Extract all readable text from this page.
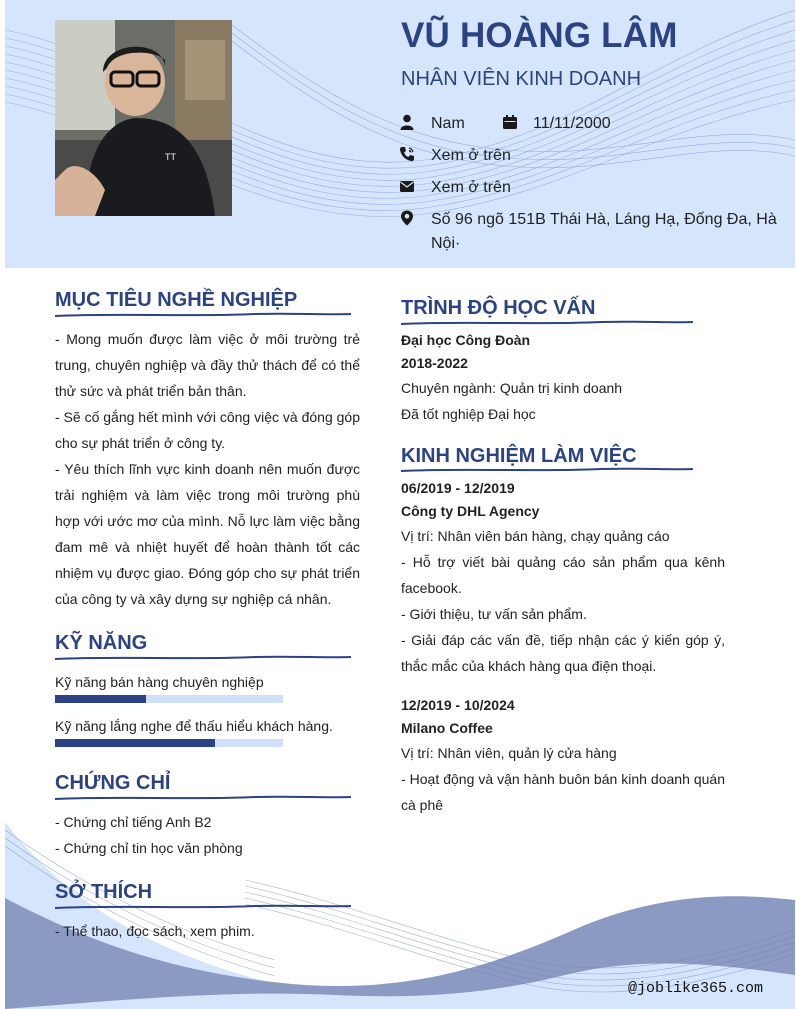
TT
VŨ HOÀNG LÂM
NHÂN VIÊN KINH DOANH
Nam	11/11/2000
Xem ở trên
Xem ở trên
Số 96 ngõ 151B Thái Hà, Láng Hạ, Đống Đa, Hà
Nội·
MỤC TIÊU NGHỀ NGHIỆP

- Mong muốn được làm việc ở môi trường trẻ trung, chuyên nghiệp và đầy thử thách để có thể thử sức và phát triển bản thân.

- Sẽ cố gắng hết mình với công việc và đóng góp cho sự phát triển ở công ty.

- Yêu thích lĩnh vực kinh doanh nên muốn được trải nghiệm và làm việc trong môi trường phù hợp với ước mơ của mình. Nỗ lực làm việc bằng đam mê và nhiệt huyết để hoàn thành tốt các nhiệm vụ được giao. Đóng góp cho sự phát triển của công ty và xây dựng sự nghiệp cá nhân.

KỸ NĂNG
Kỹ năng bán hàng chuyên nghiệp
Kỹ năng lắng nghe để thấu hiểu khách hàng.
CHỨNG CHỈ
- Chứng chỉ tiếng Anh B2
- Chứng chỉ tin học văn phòng
SỞ THÍCH
- Thể thao, đọc sách, xem phim.
TRÌNH ĐỘ HỌC VẤN
Đại học Công Đoàn
2018-2022
Chuyên ngành: Quản trị kinh doanh
Đã tốt nghiệp Đại học
KINH NGHIỆM LÀM VIỆC
06/2019 - 12/2019
Công ty DHL Agency
Vị trí: Nhân viên bán hàng, chạy quảng cáo

- Hỗ trợ viết bài quảng cáo sản phẩm qua kênh facebook.

- Giới thiệu, tư vấn sản phẩm.

- Giải đáp các vấn đề, tiếp nhận các ý kiến góp ý, thắc mắc của khách hàng qua điện thoại.

12/2019 - 10/2024
Milano Coffee
Vị trí: Nhân viên, quản lý cửa hàng

- Hoạt động và vận hành buôn bán kinh doanh quán cà phê

@joblike365.com
